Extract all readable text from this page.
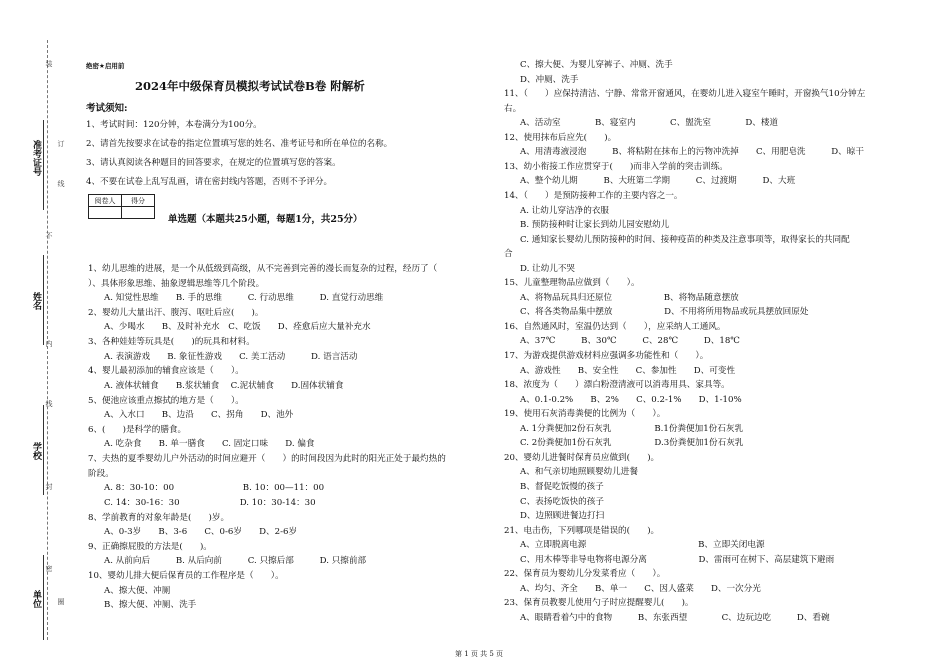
准考证号
姓名
学校
单位
装
订
线
不
内
线
封
密
圈
绝密★启用前
2024年中级保育员模拟考试试卷B卷 附解析
考试须知:
1、考试时间：120分钟，本卷满分为100分。
2、请首先按要求在试卷的指定位置填写您的姓名、准考证号和所在单位的名称。
3、请认真阅读各种题目的回答要求，在规定的位置填写您的答案。
4、不要在试卷上乱写乱画，请在密封线内答题，否则不予评分。
阅卷人	得分

单选题（本题共25小题，每题1分，共25分）
1、幼儿思维的进展，是一个从低级到高级，从不完善到完善的漫长而复杂的过程，经历了（
）、具体形象思维、抽象逻辑思维等几个阶段。
A. 知觉性思维　　B. 手的思维　　　C. 行动思维　　　D. 直觉行动思维
2、婴幼儿大量出汗、腹泻、呕吐后应(　　)。
A、少喝水　　B、及时补充水　C、吃饭　　D、痊愈后应大量补充水
3、各种娃娃等玩具是(　　)的玩具和材料。
A. 表演游戏　　B. 象征性游戏　　C. 美工活动　　　D. 语言活动
4、婴儿最初添加的辅食应该是（　　）。
A. 液体状辅食　　B.浆状辅食　 C.泥状辅食　　D.固体状辅食
5、便池应该重点擦拭的地方是（　　）。
A、入水口　　B、边沿　　C、拐角　　D、池外
6、(　　)是科学的膳食。
A. 吃杂食　　B. 单一膳食　　C. 固定口味　　D. 偏食
7、夫热的夏季婴幼儿户外活动的时间应避开（　　）的时间段因为此时的阳光正处于最灼热的
阶段。
A. 8：30-10：00　　　　　　　　B. 10：00—11：00
C. 14：30-16：30　　　　　　　D. 10：30-14：30
8、学前教育的对象年龄是(　　)岁。
A、0-3岁　　B、3-6　　C、0-6岁　　D、2-6岁
9、正确擦屁股的方法是(　　)。
A. 从前向后　　　B. 从后向前　　　C. 只擦后部　　　D. 只擦前部
10、婴幼儿排大便后保育员的工作程序是（　　）。
A、擦大便、冲厕
B、擦大便、冲厕、洗手
C、擦大便、为婴儿穿裤子、冲厕、洗手
D、冲厕、洗手
11、（　　）应保持清洁、宁静、常常开窗通风，在婴幼儿进入寝室午睡时，开窗换气10分钟左
右。
A、活动室　　　　B、寝室内　　　　C、盥洗室　　　　D、楼道
12、使用抹布后应先(　　)。
A、用清毒液浸泡　　　B、将粘附在抹布上的污物冲洗掉　　C、用肥皂洗　　　D、晾干
13、幼小衔接工作应贯穿于(　　)而非入学前的突击训练。
A、整个幼儿期　　　B、大班第二学期　　　C、过渡期　　　D、大班
14、（　　）是预防接种工作的主要内容之一。
A. 让幼儿穿洁净的衣服
B. 预防接种时让家长到幼儿园安慰幼儿
C. 通知家长婴幼儿预防接种的时间、接种疫苗的种类及注意事项等，取得家长的共同配
合
D. 让幼儿不哭
15、儿童整理物品应做到（　　）。
A、将物品玩具归还原位　　　　　　B、将物品随意摆放
C、将各类物品集中摆放　　　　　　D、不用将所用物品或玩具摆放回原处
16、自然通风时，室温仍达到（　　），应采纳人工通风。
A、37℃　　　B、30℃　　　C、28℃　　　D、18℃
17、为游戏提供游戏材料应强调多功能性和（　　）。
A、游戏性　　B、安全性　　C、参加性　　D、可变性
18、浓度为（　　）漂白粉澄清液可以消毒用具、家具等。
A、0.1-0.2%　　B、2%　　C、0.2-1%　　D、1-10%
19、使用石灰消毒粪便的比例为（　　）。
A. 1分粪便加2份石灰乳　　　　　B.1份粪便加1份石灰乳
C. 2份粪便加1份石灰乳　　　　　D.3份粪便加1份石灰乳
20、婴幼儿进餐时保育员应做到(　　)。
A、和气亲切地照顾婴幼儿进餐
B、督促吃饭慢的孩子
C、表扬吃饭快的孩子
D、边照顾进餐边打扫
21、电击伤，下列哪项是错误的(　　)。
A、立即脱离电源　　　　　　　　　　　　　B、立即关闭电源
C、用木棒等非导电物将电源分离　　　　　　D、雷雨可在树下、高层建筑下避雨
22、保育员为婴幼儿分发菜肴应（　　）。
A、均匀、齐全　　B、单一　　C、因人盛菜　　D、一次分光
23、保育员教婴儿使用勺子时应提醒婴儿(　　)。
A、眼睛看着勺中的食物　　　B、东张西望　　　　C、边玩边吃　　　D、看碗
第 1 页 共 5 页
